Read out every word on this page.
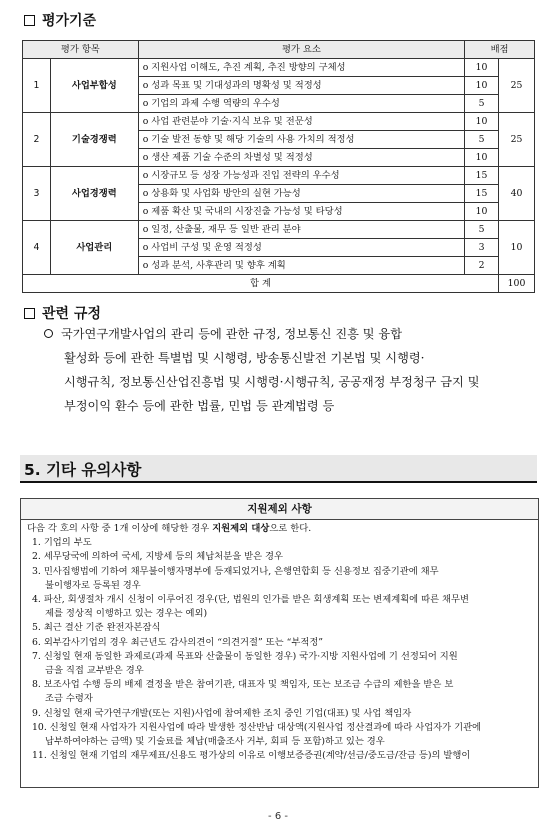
평가기준
평가 항목		평가 요소	배점	
1	사업부합성	o 지원사업 이해도, 추진 계획, 추진 방향의 구체성	10	25
		o 성과 목표 및 기대성과의 명확성 및 적정성	10	
		o 기업의 과제 수행 역량의 우수성	5	
2	기술경쟁력	o 사업 관련분야 기술·지식 보유 및 전문성	10	25
		o 기술 발전 동향 및 해당 기술의 사용 가치의 적정성	5	
		o 생산 제품 기술 수준의 차별성 및 적정성	10	
3	사업경쟁력	o 시장규모 등 성장 가능성과 진입 전략의 우수성	15	40
		o 상용화 및 사업화 방안의 실현 가능성	15	
		o 제품 확산 및 국내의 시장진출 가능성 및 타당성	10	
4	사업관리	o 일정, 산출물, 재무 등 일반 관리 분야	5	10
		o 사업비 구성 및 운영 적정성	3	
		o 성과 분석, 사후관리 및 향후 계획	2	
합 계				100
관련 규정
국가연구개발사업의 관리 등에 관한 규정, 정보통신 진흥 및 융합
활성화 등에 관한 특별법 및 시행령, 방송통신발전 기본법 및 시행령·
시행규칙, 정보통신산업진흥법 및 시행령·시행규칙, 공공재정 부정청구 금지 및
부정이익 환수 등에 관한 법률, 민법 등 관계법령 등
5. 기타 유의사항
지원제외 사항
다음 각 호의 사항 중 1개 이상에 해당한 경우 지원제외 대상으로 한다.
1. 기업의 부도
2. 세무당국에 의하여 국세, 지방세 등의 체납처분을 받은 경우
3. 민사집행법에 기하여 채무불이행자명부에 등재되었거나, 은행연합회 등 신용정보 집중기관에 채무
불이행자로 등록된 경우
4. 파산, 회생절차 개시 신청이 이루어진 경우(단, 법원의 인가를 받은 회생계획 또는 변제계획에 따른 채무변
제를 정상적 이행하고 있는 경우는 예외)
5. 최근 결산 기준 완전자본잠식
6. 외부감사기업의 경우 최근년도 감사의견이 “의견거절” 또는 “부적정”
7. 신청일 현재 동일한 과제로(과제 목표와 산출물이 동일한 경우) 국가·지방 지원사업에 기 선정되어 지원
금을 직접 교부받은 경우
8. 보조사업 수행 등의 배제 결정을 받은 참여기관, 대표자 및 책임자, 또는 보조금 수급의 제한을 받은 보
조금 수령자
9. 신청일 현재 국가연구개발(또는 지원)사업에 참여제한 조치 중인 기업(대표) 및 사업 책임자
10. 신청일 현재 사업자가 지원사업에 따라 발생한 정산반납 대상액(지원사업 정산결과에 따라 사업자가 기관에
납부하여야하는 금액) 및 기술료를 체납(매출조사 거부, 회피 등 포함)하고 있는 경우
11. 신청일 현재 기업의 재무제표/신용도 평가상의 이유로 이행보증증권(계약/선금/중도금/잔금 등)의 발행이
- 6 -
